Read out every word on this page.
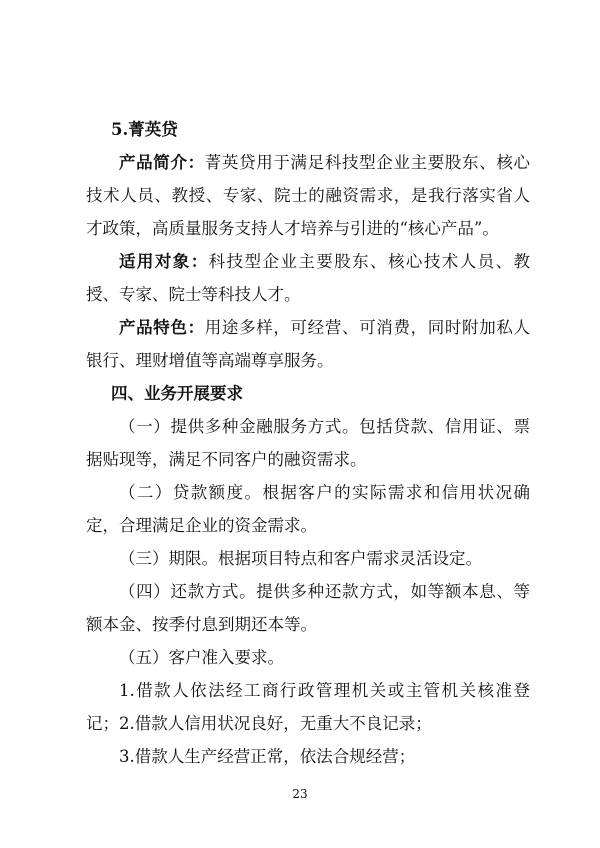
5.菁英贷

产品简介：菁英贷用于满足科技型企业主要股东、核心技术人员、教授、专家、院士的融资需求，是我行落实省人才政策，高质量服务支持人才培养与引进的“核心产品”。

适用对象：科技型企业主要股东、核心技术人员、教授、专家、院士等科技人才。

产品特色：用途多样，可经营、可消费，同时附加私人银行、理财增值等高端尊享服务。

四、业务开展要求

（一）提供多种金融服务方式。包括贷款、信用证、票据贴现等，满足不同客户的融资需求。

（二）贷款额度。根据客户的实际需求和信用状况确定，合理满足企业的资金需求。

（三）期限。根据项目特点和客户需求灵活设定。

（四）还款方式。提供多种还款方式，如等额本息、等额本金、按季付息到期还本等。

（五）客户准入要求。

1.借款人依法经工商行政管理机关或主管机关核准登记； 2.借款人信用状况良好，无重大不良记录；

3.借款人生产经营正常，依法合规经营；

23
